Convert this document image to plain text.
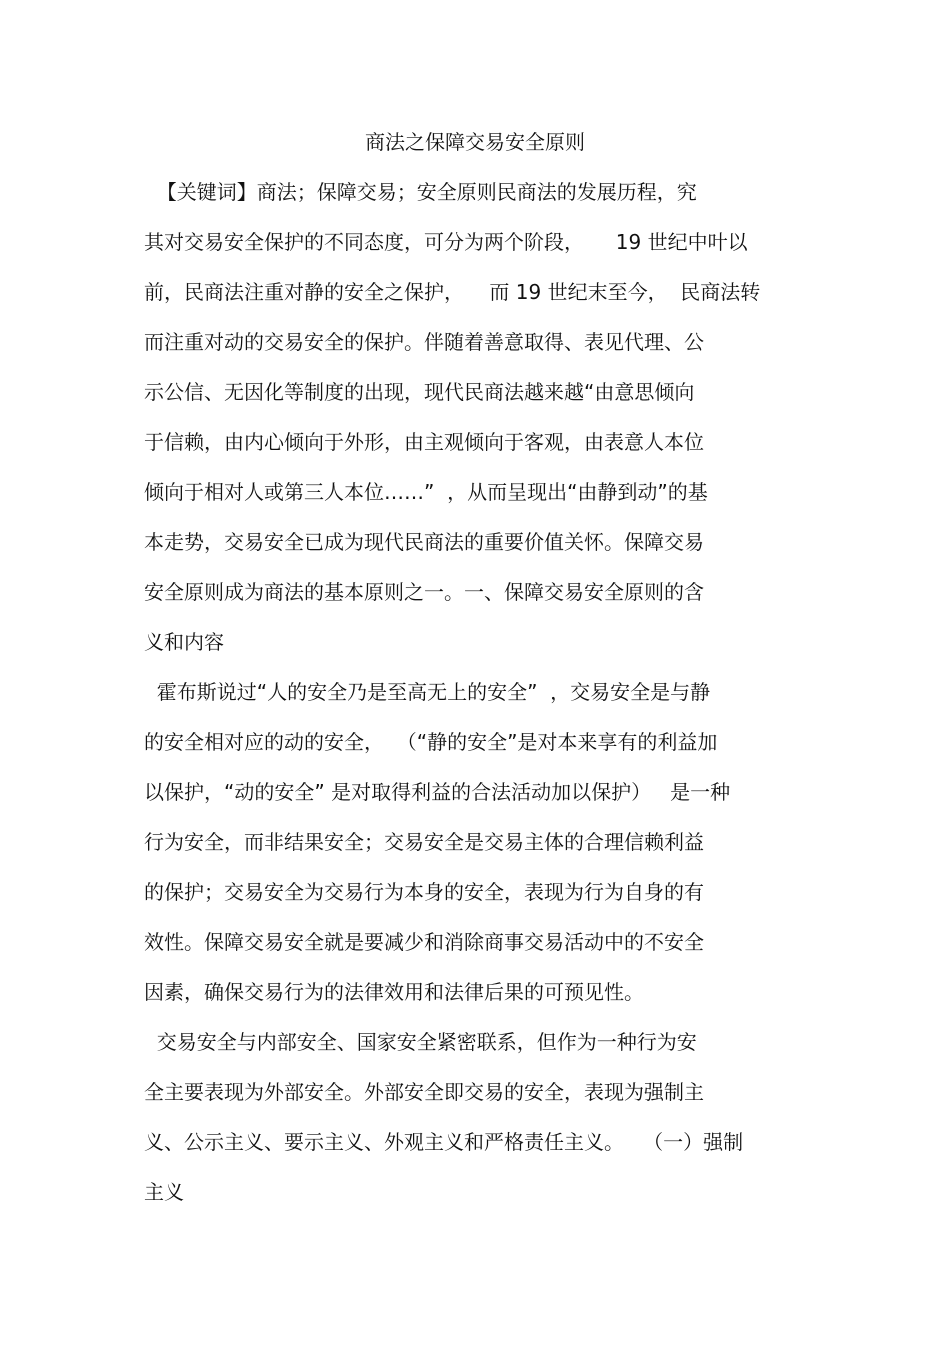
商法之保障交易安全原则
【关键词】商法；保障交易；安全原则民商法的发展历程，究
其对交易安全保护的不同态度，可分为两个阶段，     19 世纪中叶以
前，民商法注重对静的安全之保护，    而 19 世纪末至今，  民商法转
而注重对动的交易安全的保护。伴随着善意取得、表见代理、公
示公信、无因化等制度的出现，现代民商法越来越“由意思倾向
于信赖，由内心倾向于外形，由主观倾向于客观，由表意人本位
倾向于相对人或第三人本位……”  ，从而呈现出“由静到动”的基
本走势，交易安全已成为现代民商法的重要价值关怀。保障交易
安全原则成为商法的基本原则之一。一、保障交易安全原则的含
义和内容
霍布斯说过“人的安全乃是至高无上的安全”  ，交易安全是与静
的安全相对应的动的安全，  （“静的安全”是对本来享有的利益加
以保护，“动的安全” 是对取得利益的合法活动加以保护）   是一种
行为安全，而非结果安全；交易安全是交易主体的合理信赖利益
的保护；交易安全为交易行为本身的安全，表现为行为自身的有
效性。保障交易安全就是要减少和消除商事交易活动中的不安全
因素，确保交易行为的法律效用和法律后果的可预见性。
交易安全与内部安全、国家安全紧密联系，但作为一种行为安
全主要表现为外部安全。外部安全即交易的安全，表现为强制主
义、公示主义、要示主义、外观主义和严格责任主义。   （一）强制
主义
